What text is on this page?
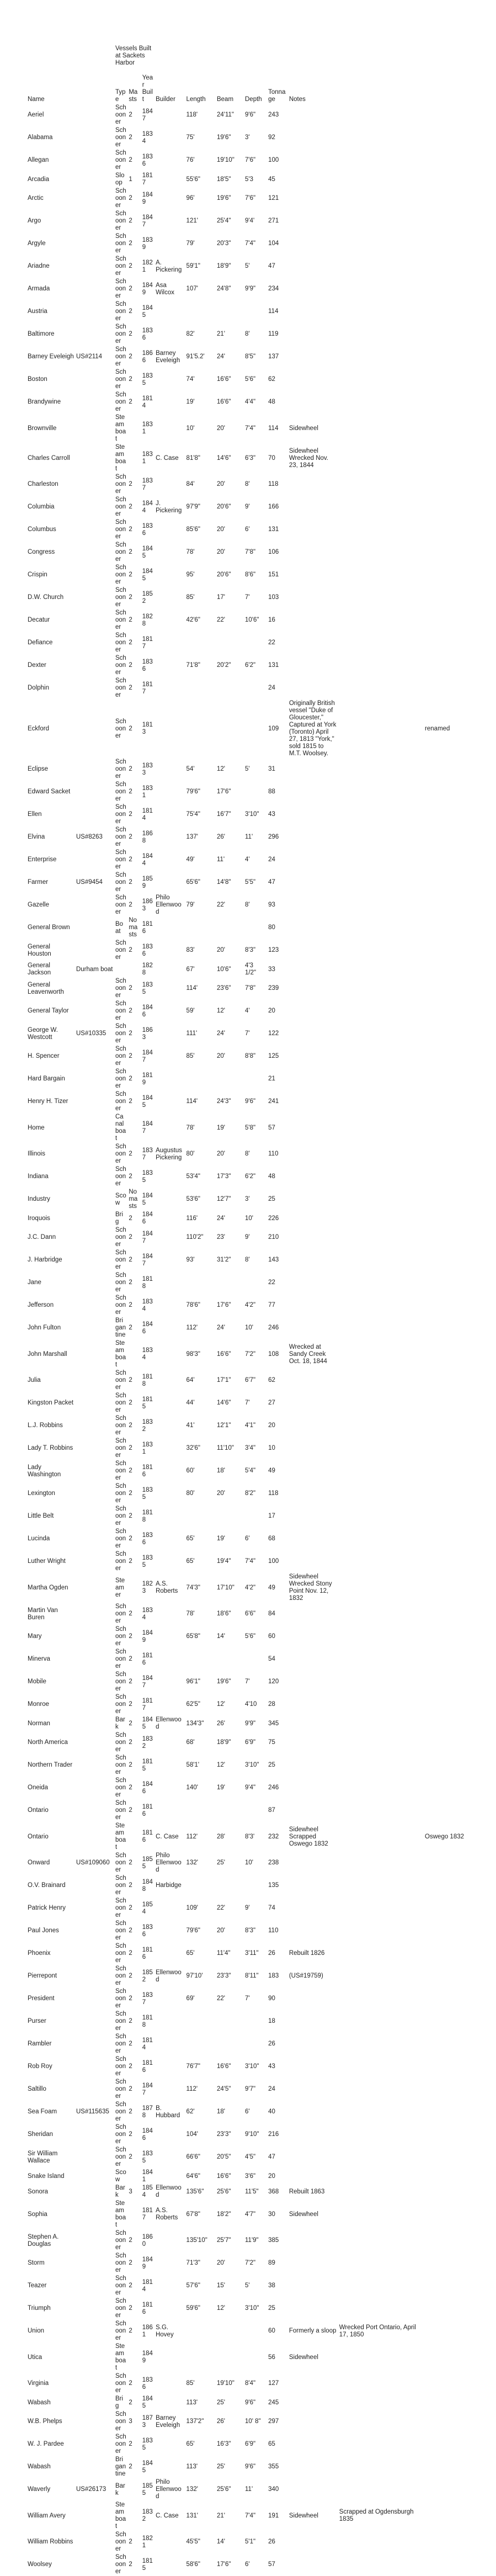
		Vessels Built at Sackets Harbor										
Name		Type	Masts	Year Built	Builder	Length	Beam	Depth	Tonnage	Notes		
Aeriel		Schooner	2	1847		118'	24'11"	9'6"	243			
Alabama		Schooner	2	1834		75'	19'6"	3'	92			
Allegan		Schooner	2	1836		76'	19'10"	7'6"	100			
Arcadia		Sloop	1	1817		55'6"	18'5"	5'3	45			
Arctic		Schooner	2	1849		96'	19'6"	7'6"	121			
Argo		Schooner	2	1847		121'	25'4"	9'4'	271			
Argyle		Schooner	2	1839		79'	20'3"	7'4"	104			
Ariadne		Schooner	2	1821	A. Pickering	59'1"	18'9"	5'	47			
Armada		Schooner	2	1849	Asa Wilcox	107'	24'8"	9'9"	234			
Austria		Schooner	2	1845					114			
Baltimore		Schooner	2	1836		82'	21'	8'	119			
Barney Eveleigh	US#2114	Schooner	2	1866	Barney Eveleigh	91'5.2'	24'	8'5"	137			
Boston		Schooner	2	1835		74'	16'6"	5'6"	62			
Brandywine		Schooner	2	1814		19'	16'6"	4'4"	48			
Brownville		Steamboat		1831		10'	20'	7'4"	114	Sidewheel		
Charles Carroll		Steamboat		1831	C. Case	81'8"	14'6"	6'3"	70	Sidewheel Wrecked Nov. 23, 1844		
Charleston		Schooner	2	1837		84'	20'	8'	118			
Columbia		Schooner	2	1844	J. Pickering	97'9"	20'6"	9'	166			
Columbus		Schooner	2	1836		85'6"	20'	6'	131			
Congress		Schooner	2	1845		78'	20'	7'8"	106			
Crispin		Schooner	2	1845		95'	20'6"	8'6"	151			
D.W. Church		Schooner	2	1852		85'	17'	7'	103			
Decatur		Schooner	2	1828		42'6"	22'	10'6"	16			
Defiance		Schooner	2	1817					22			
Dexter		Schooner	2	1836		71'8"	20'2"	6'2"	131			
Dolphin		Schooner	2	1817					24			
Eckford		Schooner	2	1813					109	Originally British vessel "Duke of Gloucester," Captured at York (Toronto) April 27, 1813 "York," sold 1815 to M.T. Woolsey.		renamed
Eclipse		Schooner	2	1833		54'	12'	5'	31			
Edward Sacket		Schooner	2	1831		79'6"	17'6"		88			
Ellen		Schooner	2	1814		75'4"	16'7"	3'10"	43			
Elvina	US#8263	Schooner	2	1868		137'	26'	11'	296			
Enterprise		Schooner	2	1844		49'	11'	4'	24			
Farmer	US#9454	Schooner	2	1859		65'6"	14'8"	5'5"	47			
Gazelle		Schooner	2	1863	Philo Ellenwood	79'	22'	8'	93			
General Brown		Boat	No masts	1816					80			
General Houston		Schooner	2	1836		83'	20'	8'3"	123			
General Jackson	Durham boat			1828		67'	10'6"	4'3 1/2"	33			
General Leavenworth		Schooner	2	1835		114'	23'6"	7'8"	239			
General Taylor		Schooner	2	1846		59'	12'	4'	20			
George W. Westcott	US#10335	Schooner	2	1863		111'	24'	7'	122			
H. Spencer		Schooner	2	1847		85'	20'	8'8"	125			
Hard Bargain		Schooner	2	1819					21			
Henry H. Tizer		Schooner	2	1845		114'	24'3"	9'6"	241			
Home		Canalboat		1847		78'	19'	5'8"	57			
Illinois		Schooner	2	1837	Augustus Pickering	80'	20'	8'	110			
Indiana		Schooner	2	1835		53'4"	17'3"	6'2"	48			
Industry		Scow	No masts	1845		53'6"	12'7"	3'	25			
Iroquois		Brig	2	1846		116'	24'	10'	226			
J.C. Dann		Schooner	2	1847		110'2"	23'	9'	210			
J. Harbridge		Schooner	2	1847		93'	31'2"	8'	143			
Jane		Schooner	2	1818					22			
Jefferson		Schooner	2	1834		78'6"	17'6"	4'2"	77			
John Fulton		Brigantine	2	1846		112'	24'	10'	246			
John Marshall		Steamboat		1834		98'3"	16'6"	7'2"	108	Wrecked at Sandy Creek Oct. 18, 1844		
Julia		Schooner	2	1818		64'	17'1"	6'7"	62			
Kingston Packet		Schooner	2	1815		44'	14'6"	7'	27			
L.J. Robbins		Schooner	2	1832		41'	12'1"	4'1"	20			
Lady T. Robbins		Schooner	2	1831		32'6"	11'10"	3'4"	10			
Lady Washington		Schooner	2	1816		60'	18'	5'4"	49			
Lexington		Schooner	2	1835		80'	20'	8'2"	118			
Little Belt		Schooner	2	1818					17			
Lucinda		Schooner	2	1836		65'	19'	6'	68			
Luther Wright		Schooner	2	1835		65'	19'4"	7'4"	100			
Martha Ogden		Steamer		1823	A.S. Roberts	74'3"	17'10"	4'2"	49	Sidewheel Wrecked Stony Point Nov. 12, 1832		
Martin Van Buren		Schooner	2	1834		78'	18'6"	6'6"	84			
Mary		Schooner	2	1849		65'8"	14'	5'6"	60			
Minerva		Schooner	2	1816					54			
Mobile		Schooner	2	1847		96'1"	19'6"	7'	120			
Monroe		Schooner	2	1817		62'5"	12'	4'10	28			
Norman		Bark	2	1845	Ellenwood	134'3"	26'	9'9"	345			
North America		Schooner	2	1832		68'	18'9"	6'9"	75			
Northern Trader		Schooner	2	1815		58'1'	12'	3'10"	25			
Oneida		Schooner	2	1846		140'	19'	9'4"	246			
Ontario		Schooner	2	1816					87			
Ontario		Steamboat		1816	C. Case	112'	28'	8'3'	232	Sidewheel Scrapped Oswego 1832		Oswego 1832
Onward	US#109060	Schooner	2	1855	Philo Ellenwood	132'	25'	10'	238			
O.V. Brainard		Schooner	2	1848	Harbidge				135			
Patrick Henry		Schooner	2	1854		109'	22'	9'	74			
Paul Jones		Schooner	2	1836		79'6"	20'	8'3"	110			
Phoenix		Schooner	2	1816		65'	11'4"	3'11"	26	Rebuilt 1826		
Pierrepont		Schooner	2	1852	Ellenwood	97'10'	23'3"	8'11"	183	(US#19759)		
President		Schooner	2	1837		69'	22'	7'	90			
Purser		Schooner	2	1818					18			
Rambler		Schooner	2	1814					26			
Rob Roy		Schooner	2	1816		76'7"	16'6"	3'10"	43			
Saltillo		Schooner	2	1847		112'	24'5"	9'7"	24			
Sea Foam	US#115635	Schooner	2	1878	B. Hubbard	62'	18'	6'	40			
Sheridan		Schooner	2	1846		104'	23'3"	9'10"	216			
Sir William Wallace		Schooner	2	1835		66'6"	20'5"	4'5"	47			
Snake Island		Scow		1841		64'6"	16'6"	3'6"	20			
Sonora		Bark	3	1854	Ellenwood	135'6"	25'6"	11'5"	368	Rebuilt 1863		
Sophia		Steamboat		1817	A.S. Roberts	67'8"	18'2"	4'7"	30	Sidewheel		
Stephen A. Douglas		Schooner	2	1860		135'10"	25'7"	11'9"	385			
Storm		Schooner	2	1849		71'3"	20'	7'2"	89			
Teazer		Schooner	2	1814		57'6"	15'	5'	38			
Triumph		Schooner	2	1816		59'6"	12'	3'10"	25			
Union		Schooner	2	1861	S.G. Hovey				60	Formerly a sloop	Wrecked Port Ontario, April 17, 1850	
Utica		Steamboat		1849					56	Sidewheel		
Virginia		Schooner	2	1836		85'	19'10"	8'4"	127			
Wabash		Brig	2	1845		113'	25'	9'6"	245			
W.B. Phelps		Schooner	3	1873	Barney Eveleigh	137'2"	26'	10' 8"	297			
W. J. Pardee		Schooner	2	1835		65'	16'3"	6'9"	65			
Wabash		Brigantine	2	1845		113'	25'	9'6"	355			
Waverly	US#26173	Bark		1855	Philo Ellenwood	132'	25'6"	11'	340			
William Avery		Steamboat		1832	C. Case	131'	21'	7'4"	191	Sidewheel	Scrapped at Ogdensburgh 1835	
William Robbins		Schooner	2	1821		45'5"	14'	5'1"	26			
Woolsey		Schooner	2	1815		58'6"	17'6"	6'	57			
